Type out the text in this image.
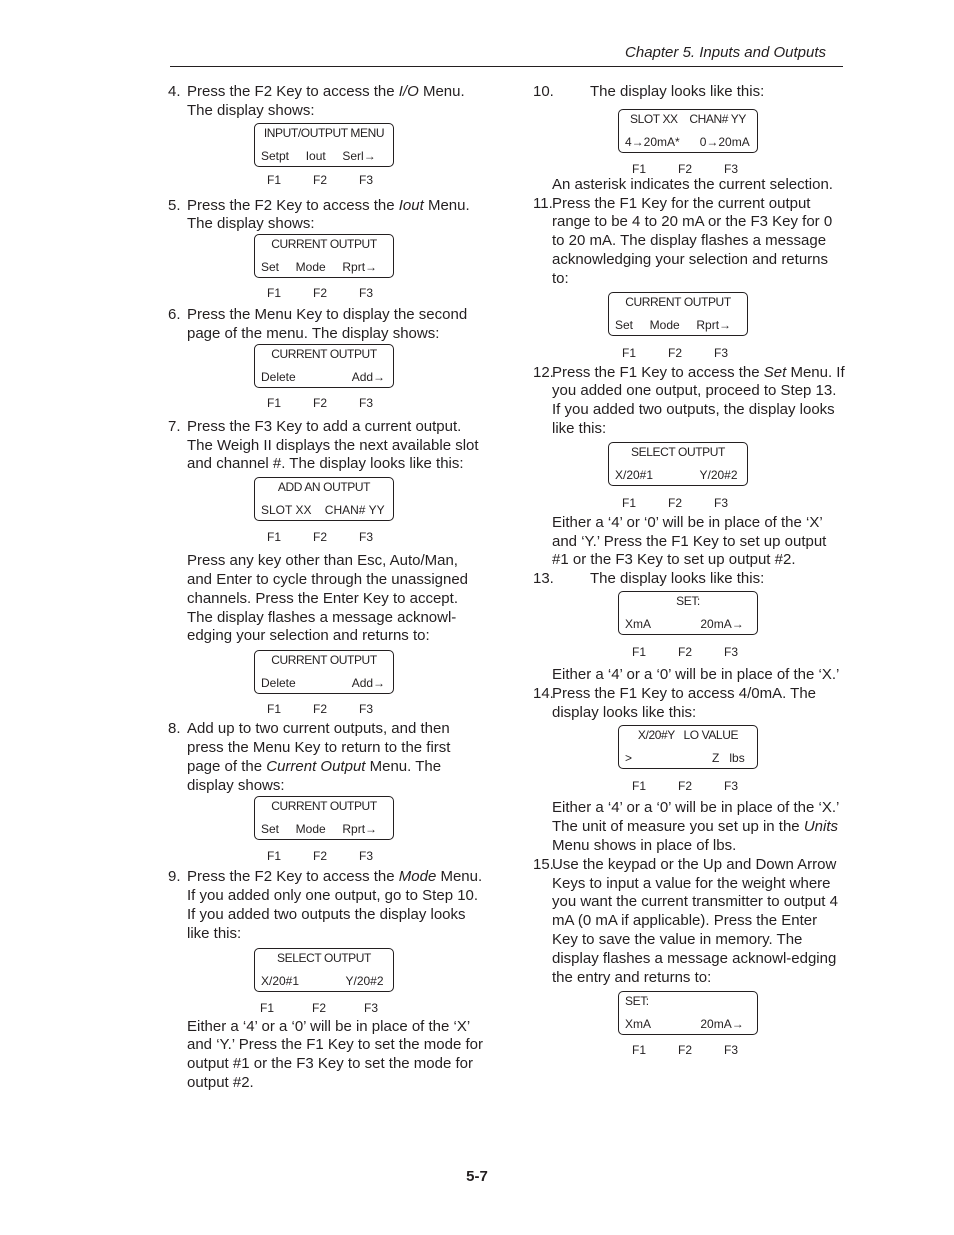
Chapter 5. Inputs and Outputs
4. Press the F2 Key to access the I/O Menu. The display shows:
INPUT/OUTPUT MENU
Setpt     Iout     Serl→
F1	F2	F3
5. Press the F2 Key to access the Iout Menu. The display shows:
CURRENT OUTPUT
Set     Mode     Rprt→
F1	F2	F3
6. Press the Menu Key to display the second page of the menu. The display shows:
CURRENT OUTPUT
Delete                 Add→
F1	F2	F3
7. Press the F3 Key to add a current output. The Weigh II displays the next available slot and channel #. The display looks like this:
ADD AN OUTPUT
SLOT XX    CHAN# YY
F1	F2	F3
Press any key other than Esc, Auto/Man, and Enter to cycle through the unassigned channels. Press the Enter Key to accept. The display flashes a message acknowl-edging your selection and returns to:
CURRENT OUTPUT
Delete                 Add→
F1	F2	F3
8. Add up to two current outputs, and then press the Menu Key to return to the first page of the Current Output Menu. The display shows:
CURRENT OUTPUT
Set     Mode     Rprt→
F1	F2	F3
9. Press the F2 Key to access the Mode Menu. If you added only one output, go to Step 10. If you added two outputs the display looks like this:
SELECT OUTPUT
X/20#1              Y/20#2
F1	F2	F3
Either a ‘4’ or a ‘0’ will be in place of the ‘X’ and ‘Y.’ Press the F1 Key to set the mode for output #1 or the F3 Key to set the mode for output #2.
10. The display looks like this:
SLOT XX    CHAN# YY
4→20mA*      0→20mA
F1	F2	F3
An asterisk indicates the current selection.
11. Press the F1 Key for the current output range to be 4 to 20 mA or the F3 Key for 0 to 20 mA. The display flashes a message acknowledging your selection and returns to:
CURRENT OUTPUT
Set     Mode     Rprt→
F1	F2	F3
12.
Press the F1 Key to access the Set Menu. If you added one output, proceed to Step 13. If you added two outputs, the display looks like this:
SELECT OUTPUT
X/20#1              Y/20#2
F1	F2	F3
Either a ‘4’ or ‘0’ will be in place of the ‘X’ and ‘Y.’ Press the F1 Key to set up output #1 or the F3 Key to set up output #2.
13. The display looks like this:
SET:
XmA               20mA→
F1	F2	F3
Either a ‘4’ or a ‘0’ will be in place of the ‘X.’
14.
Press the F1 Key to access 4/0mA. The display looks like this:
X/20#Y   LO VALUE
>                        Z   lbs
F1	F2	F3
Either a ‘4’ or a ‘0’ will be in place of the ‘X.’ The unit of measure you set up in the Units Menu shows in place of lbs.
15.
Use the keypad or the Up and Down Arrow Keys to input a value for the weight where you want the current transmitter to output 4 mA (0 mA if applicable). Press the Enter Key to save the value in memory. The display flashes a message acknowl-edging the entry and returns to:
SET:
XmA               20mA→
F1	F2	F3
5-7
